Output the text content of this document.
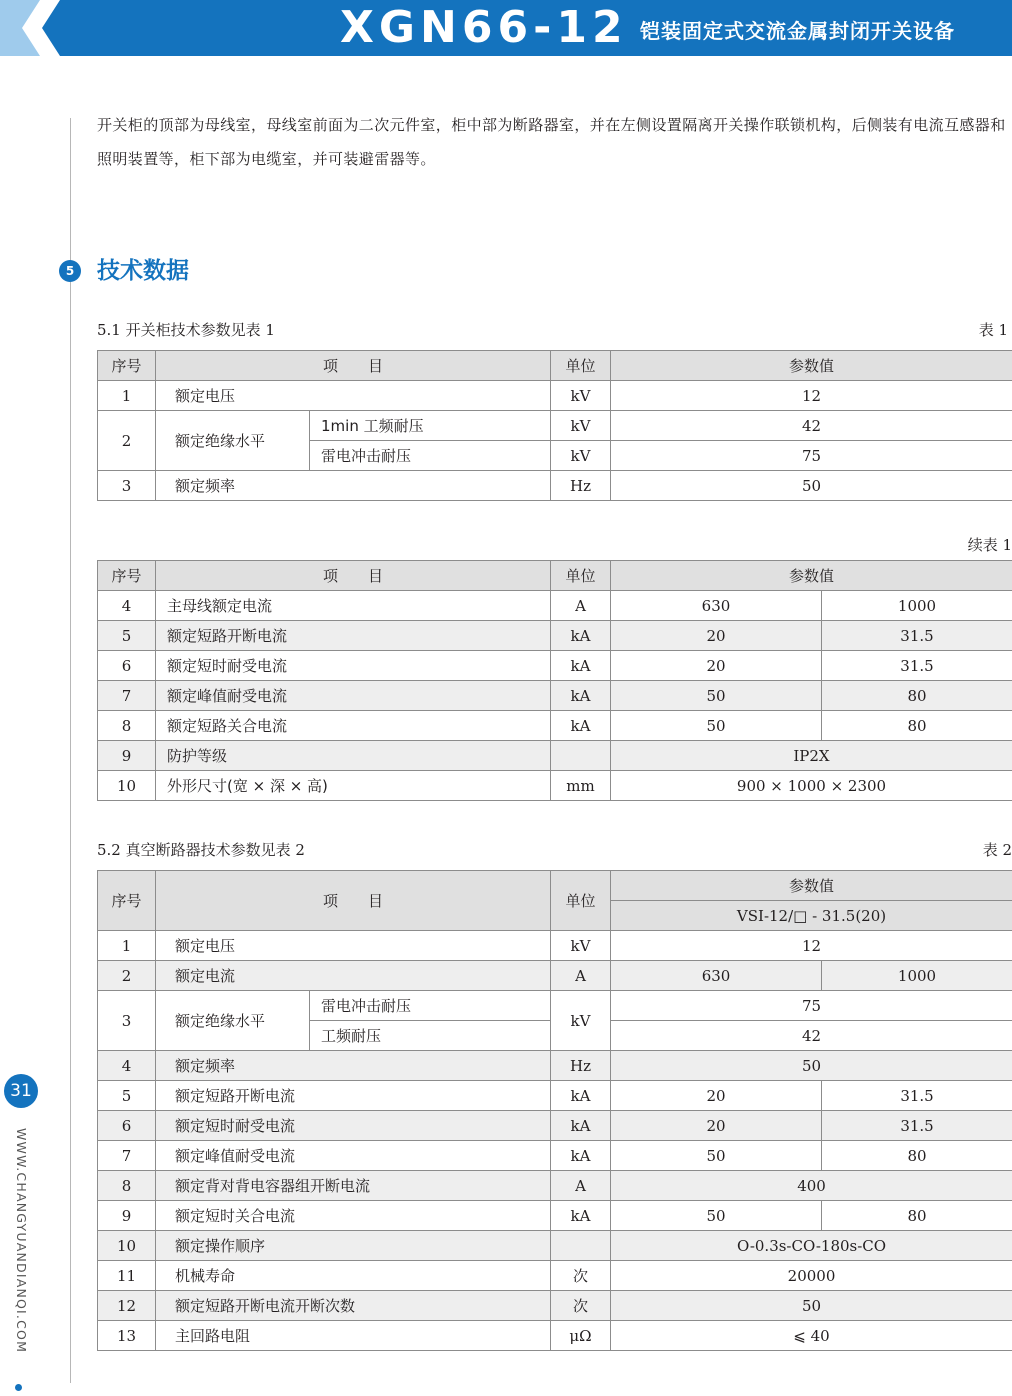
XGN66-12 铠装固定式交流金属封闭开关设备
开关柜的顶部为母线室，母线室前面为二次元件室，柜中部为断路器室，并在左侧设置隔离开关操作联锁机构，后侧装有电流互感器和照明装置等，柜下部为电缆室，并可装避雷器等。
5 技术数据
5.1 开关柜技术参数见表 1	表 1
序号	项　　目		单位	参数值
1	额定电压		kV	12
2	额定绝缘水平	1min 工频耐压	kV	42
		雷电冲击耐压	kV	75
3	额定频率		Hz	50
续表 1
序号	项　　目	单位	参数值	
4	主母线额定电流	A	630	1000
5	额定短路开断电流	kA	20	31.5
6	额定短时耐受电流	kA	20	31.5
7	额定峰值耐受电流	kA	50	80
8	额定短路关合电流	kA	50	80
9	防护等级		IP2X	
10	外形尺寸(宽 × 深 × 高)	mm	900 × 1000 × 2300	
5.2 真空断路器技术参数见表 2	表 2
序号	项　　目		单位	参数值	
				VSI-12/□ - 31.5(20)	
1	额定电压		kV	12	
2	额定电流		A	630	1000
3	额定绝缘水平	雷电冲击耐压	kV	75	
		工频耐压		42	
4	额定频率		Hz	50	
5	额定短路开断电流		kA	20	31.5
6	额定短时耐受电流		kA	20	31.5
7	额定峰值耐受电流		kA	50	80
8	额定背对背电容器组开断电流		A	400	
9	额定短时关合电流		kA	50	80
10	额定操作顺序			O-0.3s-CO-180s-CO	
11	机械寿命		次	20000	
12	额定短路开断电流开断次数		次	50	
13	主回路电阻		μΩ	⩽ 40	
31
WWW.CHANGYUANDIANQI.COM
